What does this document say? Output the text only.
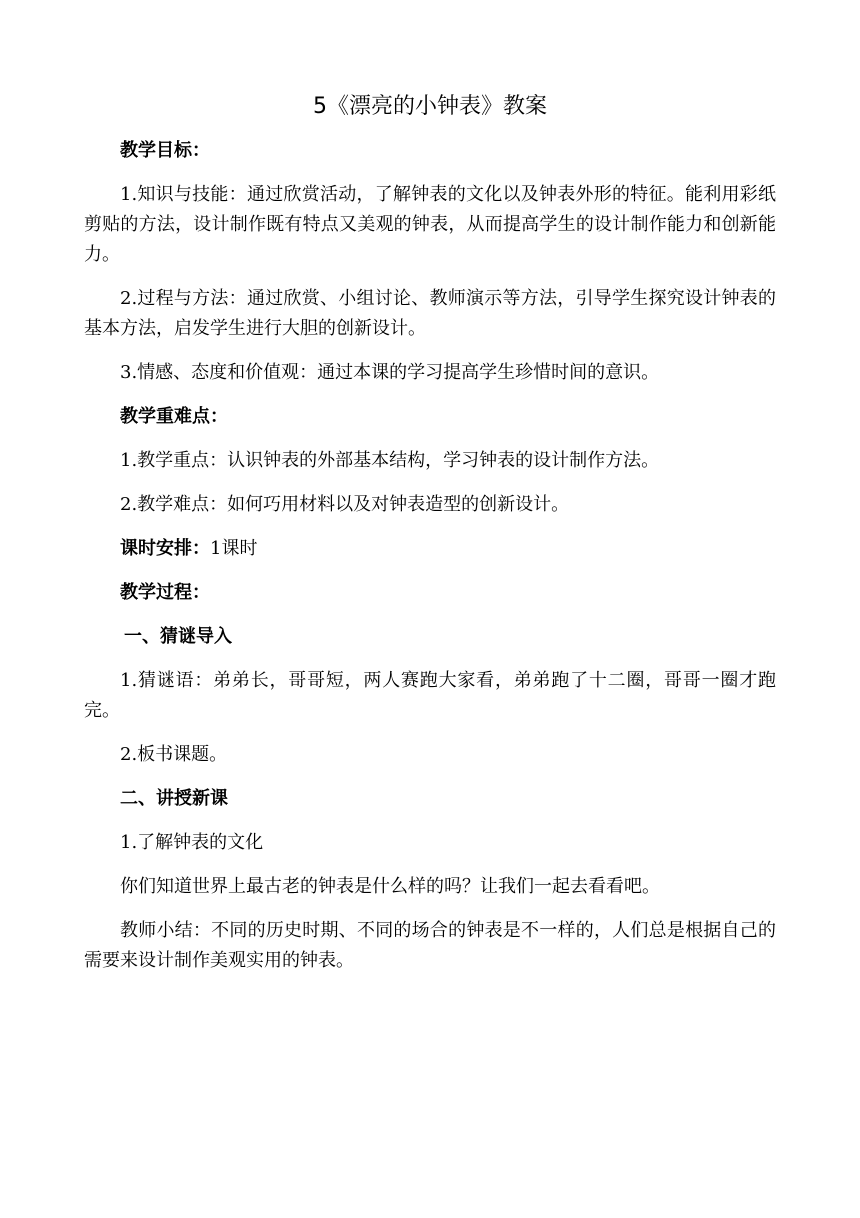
5《漂亮的小钟表》教案

教学目标：

1.知识与技能：通过欣赏活动，了解钟表的文化以及钟表外形的特征。能利用彩纸剪贴的方法，设计制作既有特点又美观的钟表，从而提高学生的设计制作能力和创新能力。

2.过程与方法：通过欣赏、小组讨论、教师演示等方法，引导学生探究设计钟表的基本方法，启发学生进行大胆的创新设计。

3.情感、态度和价值观：通过本课的学习提高学生珍惜时间的意识。

教学重难点：

1.教学重点：认识钟表的外部基本结构，学习钟表的设计制作方法。

2.教学难点：如何巧用材料以及对钟表造型的创新设计。

课时安排：1课时

教学过程：

一、猜谜导入

1.猜谜语：弟弟长，哥哥短，两人赛跑大家看，弟弟跑了十二圈，哥哥一圈才跑完。

2.板书课题。

二、讲授新课

1.了解钟表的文化

你们知道世界上最古老的钟表是什么样的吗？让我们一起去看看吧。

教师小结：不同的历史时期、不同的场合的钟表是不一样的，人们总是根据自己的需要来设计制作美观实用的钟表。
